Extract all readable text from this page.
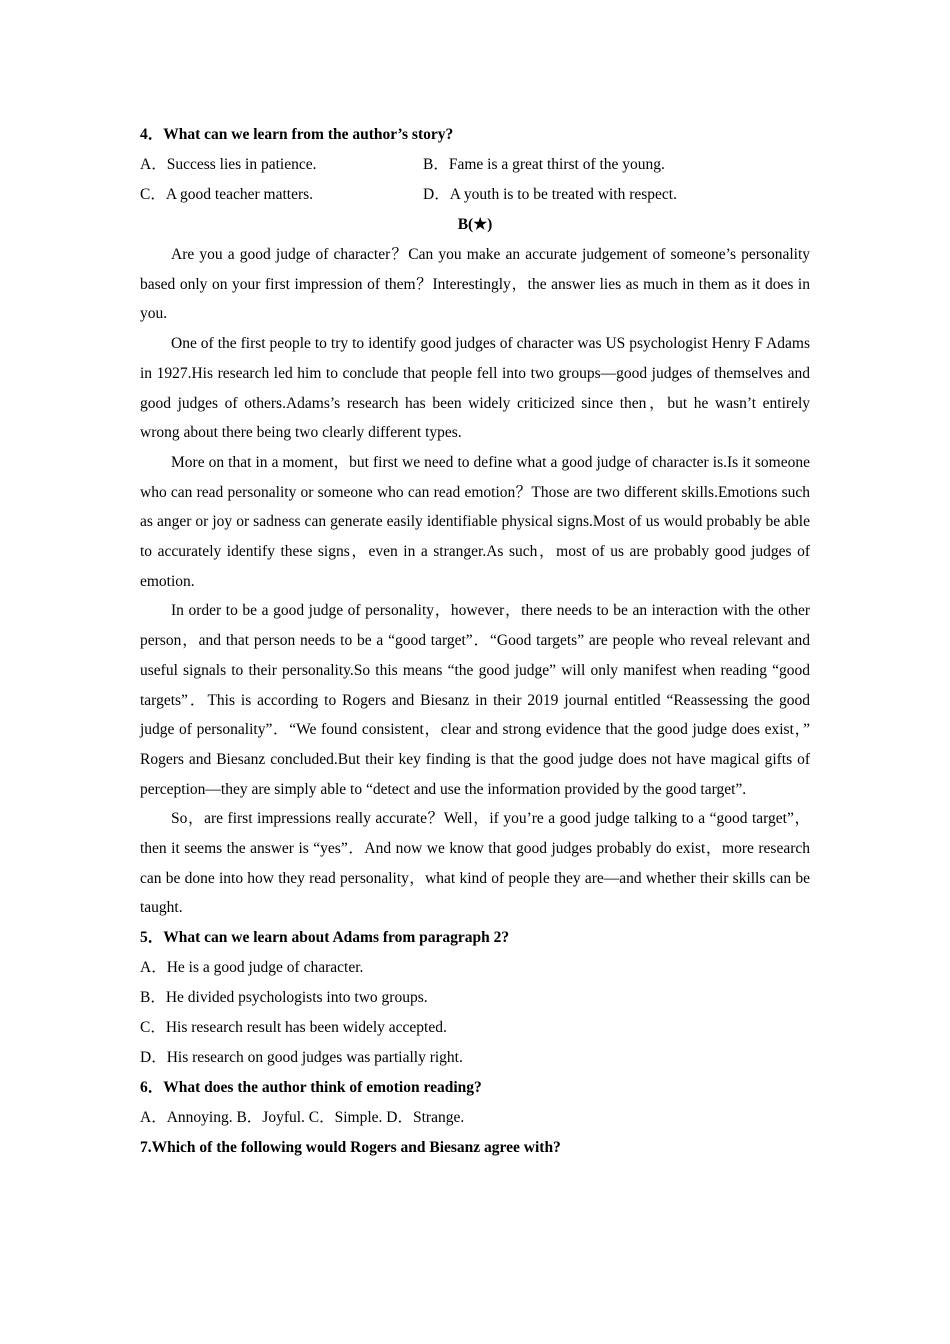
4．What can we learn from the author’s story?
A．Success lies in patience.	B．Fame is a great thirst of the young.
C．A good teacher matters.	D．A youth is to be treated with respect.
B(★)

Are you a good judge of character？Can you make an accurate judgement of someone’s personality based only on your first impression of them？Interestingly，the answer lies as much in them as it does in you.

One of the first people to try to identify good judges of character was US psychologist Henry F Adams in 1927.His research led him to conclude that people fell into two groups—good judges of themselves and good judges of others.Adams’s research has been widely criticized since then，but he wasn’t entirely wrong about there being two clearly different types.

More on that in a moment，but first we need to define what a good judge of character is.Is it someone who can read personality or someone who can read emotion？Those are two different skills.Emotions such as anger or joy or sadness can generate easily identifiable physical signs.Most of us would probably be able to accurately identify these signs，even in a stranger.As such，most of us are probably good judges of emotion.

In order to be a good judge of personality，however，there needs to be an interaction with the other person，and that person needs to be a “good target”．“Good targets” are people who reveal relevant and useful signals to their personality.So this means “the good judge” will only manifest when reading “good targets”．This is according to Rogers and Biesanz in their 2019 journal entitled “Reassessing the good judge of personality”．“We found consistent，clear and strong evidence that the good judge does exist，” Rogers and Biesanz concluded.But their key finding is that the good judge does not have magical gifts of perception—they are simply able to “detect and use the information provided by the good target”.

So，are first impressions really accurate？Well，if you’re a good judge talking to a “good target”，then it seems the answer is “yes”．And now we know that good judges probably do exist，more research can be done into how they read personality，what kind of people they are—and whether their skills can be taught.

5．What can we learn about Adams from paragraph 2?
A．He is a good judge of character.
B．He divided psychologists into two groups.
C．His research result has been widely accepted.
D．His research on good judges was partially right.
6．What does the author think of emotion reading?
A．Annoying. B．Joyful. C．Simple. D．Strange.
7.Which of the following would Rogers and Biesanz agree with?
